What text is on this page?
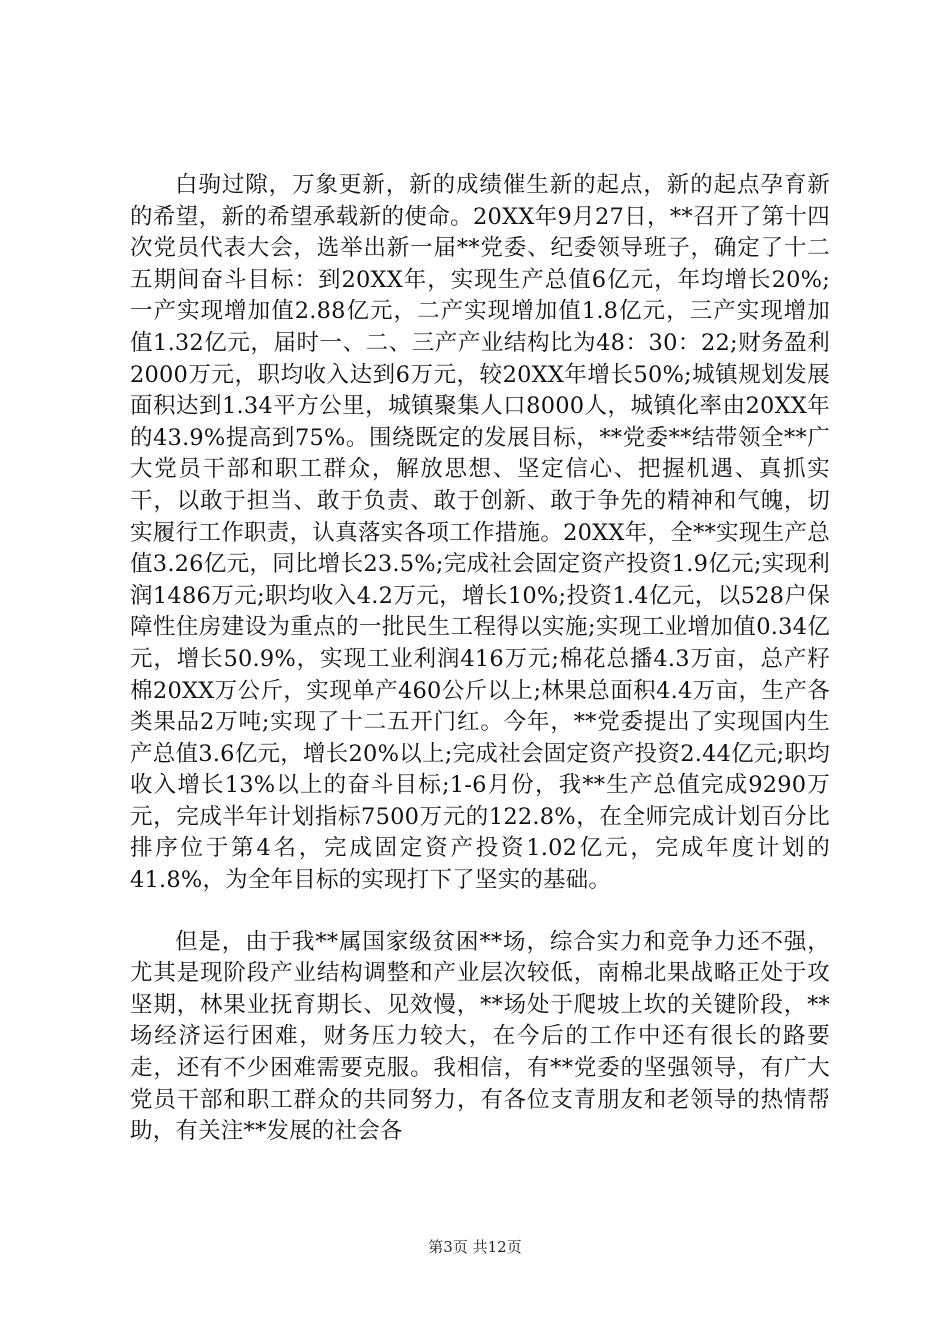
白驹过隙，万象更新，新的成绩催生新的起点，新的起点孕育新的希望，新的希望承载新的使命。20XX年9月27日，**召开了第十四次党员代表大会，选举出新一届**党委、纪委领导班子，确定了十二五期间奋斗目标：到20XX年，实现生产总值6亿元，年均增长20%;一产实现增加值2.88亿元，二产实现增加值1.8亿元，三产实现增加值1.32亿元，届时一、二、三产产业结构比为48：30：22;财务盈利2000万元，职均收入达到6万元，较20XX年增长50%;城镇规划发展面积达到1.34平方公里，城镇聚集人口8000人，城镇化率由20XX年的43.9%提高到75%。围绕既定的发展目标，**党委**结带领全**广大党员干部和职工群众，解放思想、坚定信心、把握机遇、真抓实干，以敢于担当、敢于负责、敢于创新、敢于争先的精神和气魄，切实履行工作职责，认真落实各项工作措施。20XX年，全**实现生产总值3.26亿元，同比增长23.5%;完成社会固定资产投资1.9亿元;实现利润1486万元;职均收入4.2万元，增长10%;投资1.4亿元，以528户保障性住房建设为重点的一批民生工程得以实施;实现工业增加值0.34亿元，增长50.9%，实现工业利润416万元;棉花总播4.3万亩，总产籽棉20XX万公斤，实现单产460公斤以上;林果总面积4.4万亩，生产各类果品2万吨;实现了十二五开门红。今年，**党委提出了实现国内生产总值3.6亿元，增长20%以上;完成社会固定资产投资2.44亿元;职均收入增长13%以上的奋斗目标;1-6月份，我**生产总值完成9290万元，完成半年计划指标7500万元的122.8%，在全师完成计划百分比排序位于第4名，完成固定资产投资1.02亿元，完成年度计划的41.8%，为全年目标的实现打下了坚实的基础。

但是，由于我**属国家级贫困**场，综合实力和竞争力还不强，尤其是现阶段产业结构调整和产业层次较低，南棉北果战略正处于攻坚期，林果业抚育期长、见效慢，**场处于爬坡上坎的关键阶段，**场经济运行困难，财务压力较大，在今后的工作中还有很长的路要走，还有不少困难需要克服。我相信，有**党委的坚强领导，有广大党员干部和职工群众的共同努力，有各位支青朋友和老领导的热情帮助，有关注**发展的社会各

第3页 共12页
